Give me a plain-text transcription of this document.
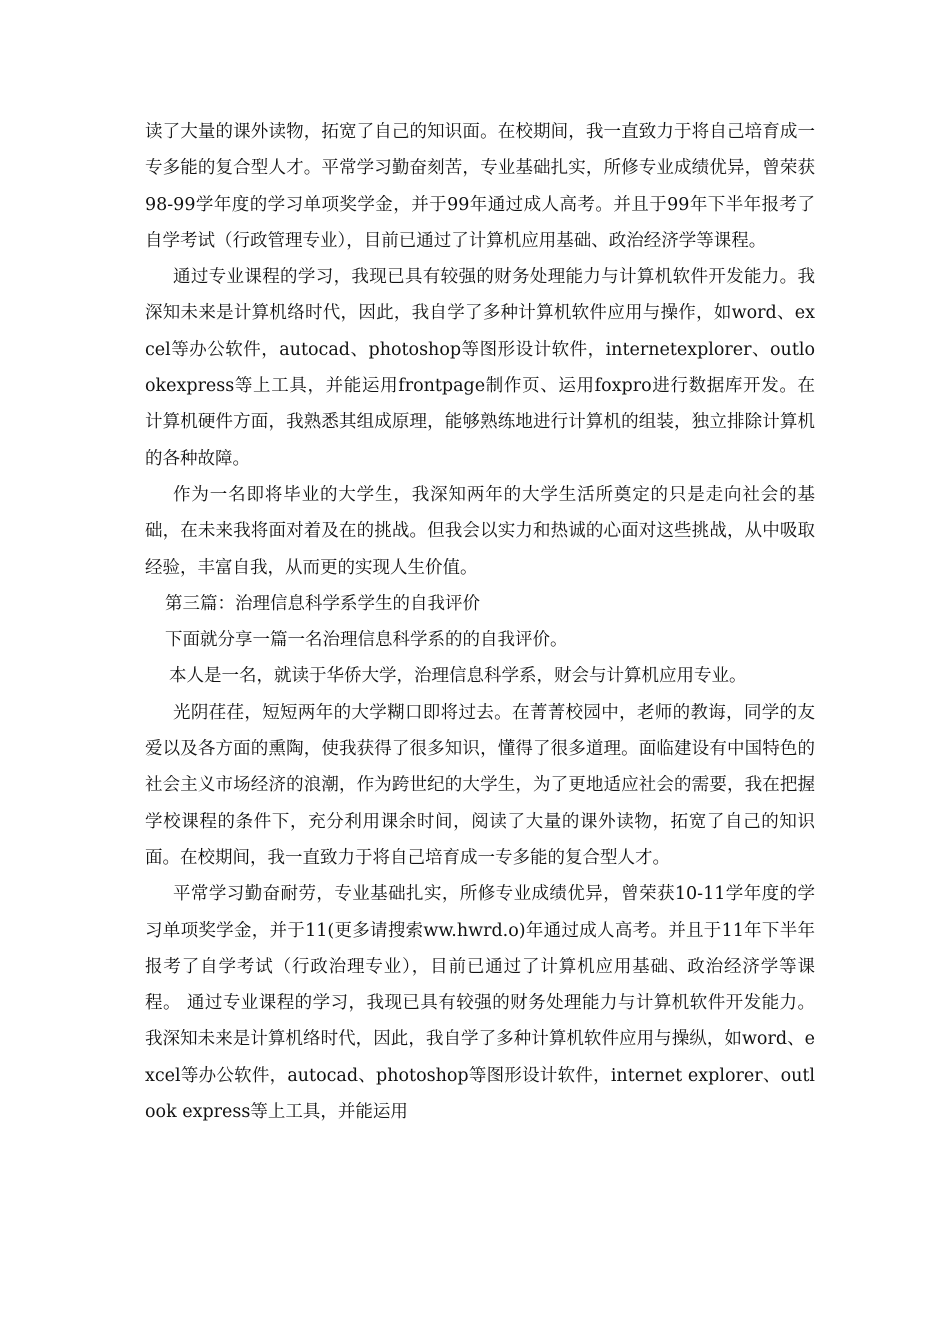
读了大量的课外读物，拓宽了自己的知识面。在校期间，我一直致力于将自己培育成一专多能的复合型人才。平常学习勤奋刻苦，专业基础扎实，所修专业成绩优异，曾荣获98-99学年度的学习单项奖学金，并于99年通过成人高考。并且于99年下半年报考了自学考试（行政管理专业），目前已通过了计算机应用基础、政治经济学等课程。

通过专业课程的学习，我现已具有较强的财务处理能力与计算机软件开发能力。我深知未来是计算机络时代，因此，我自学了多种计算机软件应用与操作，如word、excel等办公软件，autocad、photoshop等图形设计软件，internetexplorer、outlookexpress等上工具，并能运用frontpage制作页、运用foxpro进行数据库开发。在计算机硬件方面，我熟悉其组成原理，能够熟练地进行计算机的组装，独立排除计算机的各种故障。

作为一名即将毕业的大学生，我深知两年的大学生活所奠定的只是走向社会的基础，在未来我将面对着及在的挑战。但我会以实力和热诚的心面对这些挑战，从中吸取经验，丰富自我，从而更的实现人生价值。

第三篇：治理信息科学系学生的自我评价

下面就分享一篇一名治理信息科学系的的自我评价。

本人是一名，就读于华侨大学，治理信息科学系，财会与计算机应用专业。

光阴荏荏，短短两年的大学糊口即将过去。在菁菁校园中，老师的教诲，同学的友爱以及各方面的熏陶，使我获得了很多知识，懂得了很多道理。面临建设有中国特色的社会主义市场经济的浪潮，作为跨世纪的大学生，为了更地适应社会的需要，我在把握学校课程的条件下，充分利用课余时间，阅读了大量的课外读物，拓宽了自己的知识面。在校期间，我一直致力于将自己培育成一专多能的复合型人才。

平常学习勤奋耐劳，专业基础扎实，所修专业成绩优异，曾荣获10-11学年度的学习单项奖学金，并于11(更多请搜索ww.hwrd.o)年通过成人高考。并且于11年下半年报考了自学考试（行政治理专业），目前已通过了计算机应用基础、政治经济学等课程。 通过专业课程的学习，我现已具有较强的财务处理能力与计算机软件开发能力。我深知未来是计算机络时代，因此，我自学了多种计算机软件应用与操纵，如word、excel等办公软件，autocad、photoshop等图形设计软件，internet explorer、outlook express等上工具，并能运用
